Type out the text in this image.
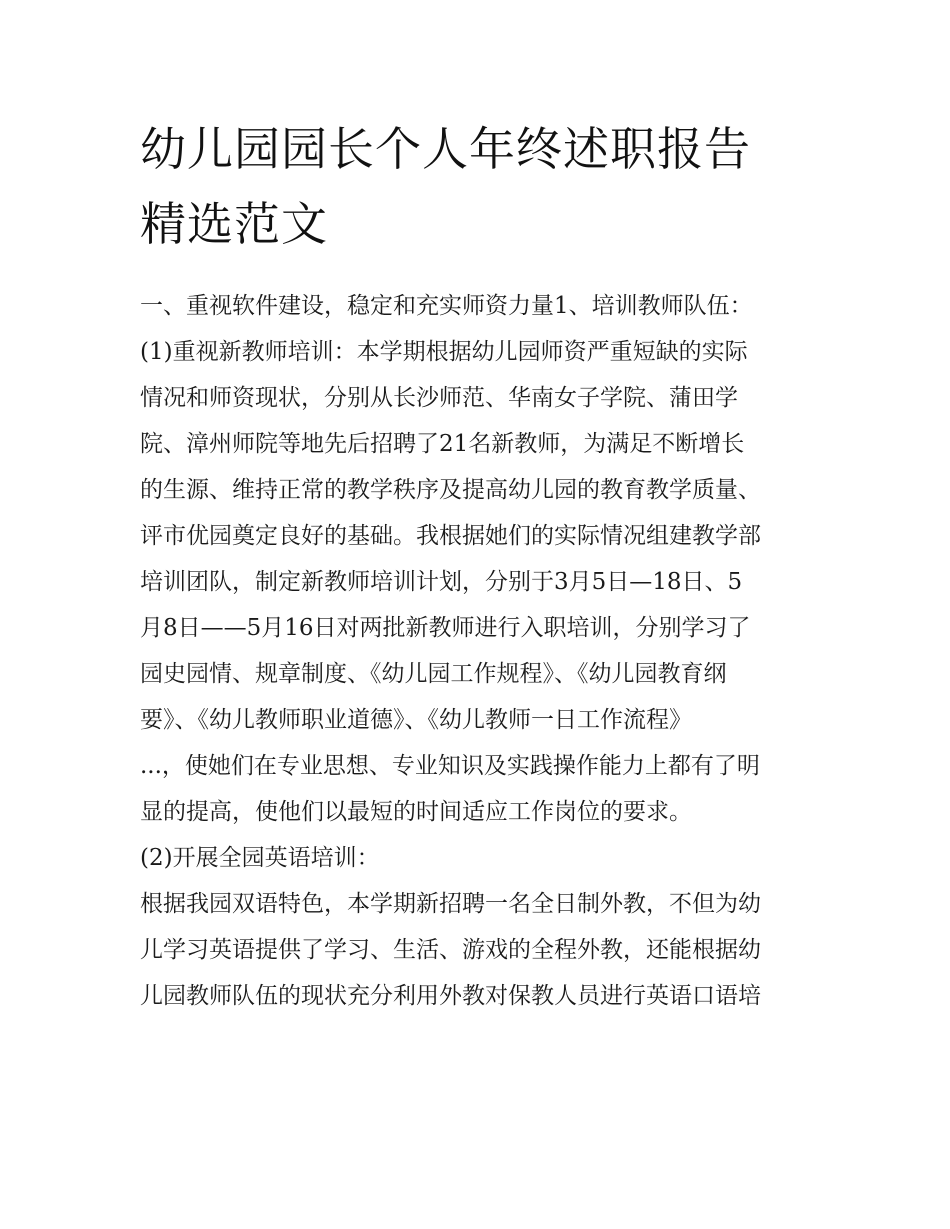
幼儿园园长个人年终述职报告
精选范文
一、重视软件建设，稳定和充实师资力量1、培训教师队伍：
(1)重视新教师培训：本学期根据幼儿园师资严重短缺的实际
情况和师资现状，分别从长沙师范、华南女子学院、蒲田学
院、漳州师院等地先后招聘了21名新教师，为满足不断增长
的生源、维持正常的教学秩序及提高幼儿园的教育教学质量、
评市优园奠定良好的基础。我根据她们的实际情况组建教学部
培训团队，制定新教师培训计划，分别于3月5日—18日、5
月8日——5月16日对两批新教师进行入职培训，分别学习了
园史园情、规章制度、《幼儿园工作规程》、《幼儿园教育纲
要》、《幼儿教师职业道德》、《幼儿教师一日工作流程》
...，使她们在专业思想、专业知识及实践操作能力上都有了明
显的提高，使他们以最短的时间适应工作岗位的要求。
(2)开展全园英语培训：
根据我园双语特色，本学期新招聘一名全日制外教，不但为幼
儿学习英语提供了学习、生活、游戏的全程外教，还能根据幼
儿园教师队伍的现状充分利用外教对保教人员进行英语口语培
